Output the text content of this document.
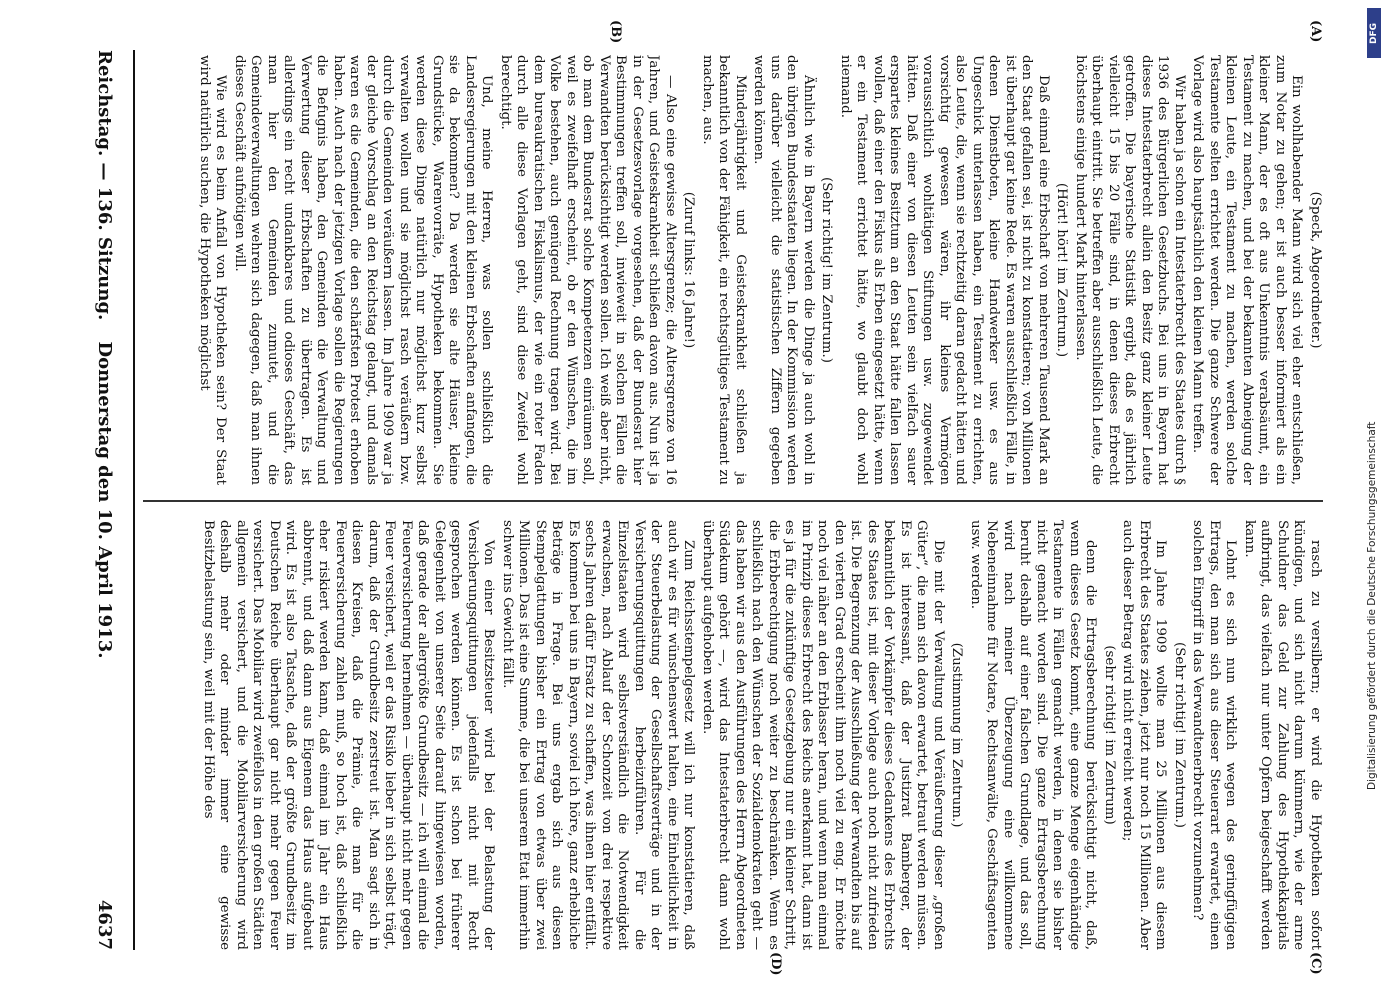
Reichstag. — 136. Sitzung.
Donnerstag den 10. April 1913.
4637
(A)
(B)
(C)
(D)

(Speck, Abgeordneter.)

Ein wohlhabender Mann wird sich viel eher entschließen, zum Notar zu gehen; er ist auch besser informiert als ein kleiner Mann, der es oft aus Unkenntnis verabsäumt, ein Testament zu machen, und bei der bekannten Abneigung der kleinen Leute, ein Testament zu machen, werden solche Testamente selten errichtet werden. Die ganze Schwere der Vorlage wird also hauptsächlich den kleinen Mann treffen.

Wir haben ja schon ein Intestaterbrecht des Staates durch § 1936 des Bürgerlichen Gesetzbuchs. Bei uns in Bayern hat dieses Intestaterbrecht allein den Besitz ganz kleiner Leute getroffen. Die bayerische Statistik ergibt, daß es jährlich vielleicht 15 bis 20 Fälle sind, in denen dieses Erbrecht überhaupt eintritt. Sie betreffen aber ausschließlich Leute, die höchstens einige hundert Mark hinterlassen.

(Hört! hört! im Zentrum.)

Daß einmal eine Erbschaft von mehreren Tausend Mark an den Staat gefallen sei, ist nicht zu konstatieren; von Millionen ist überhaupt gar keine Rede. Es waren ausschließlich Fälle, in denen Dienstboten, kleine Handwerker usw. es aus Ungeschick unterlassen haben, ein Testament zu errichten, also Leute, die, wenn sie rechtzeitig daran gedacht hätten und vorsichtig gewesen wären, ihr kleines Vermögen voraussichtlich wohltätigen Stiftungen usw. zugewendet hätten. Daß einer von diesen Leuten sein vielfach sauer erspartes kleines Besitztum an den Staat hätte fallen lassen wollen, daß einer den Fiskus als Erben eingesetzt hätte, wenn er ein Testament errichtet hätte, wo glaubt doch wohl niemand.

(Sehr richtig! im Zentrum.)

Ähnlich wie in Bayern werden die Dinge ja auch wohl in den übrigen Bundesstaaten liegen. In der Kommission werden uns darüber vielleicht die statistischen Ziffern gegeben werden können.

Minderjährigkeit und Geisteskrankheit schließen ja bekanntlich von der Fähigkeit, ein rechtsgültiges Testament zu machen, aus.

(Zuruf links: 16 Jahre!)

— Also eine gewisse Altersgrenze; die Altersgrenze von 16 Jahren, und Geisteskrankheit schließen davon aus. Nun ist ja in der Gesetzesvorlage vorgesehen, daß der Bundesrat hier Bestimmungen treffen soll, inwieweit in solchen Fällen die Verwandten berücksichtigt werden sollen. Ich weiß aber nicht, ob man dem Bundesrat solche Kompetenzen einräumen soll, weil es zweifelhaft erscheint, ob er den Wünschen, die im Volke bestehen, auch genügend Rechnung tragen wird. Bei dem bureaukratischen Fiskalismus, der wie ein roter Faden durch alle diese Vorlagen geht, sind diese Zweifel wohl berechtigt.

Und, meine Herren, was sollen schließlich die Landesregierungen mit den kleinen Erbschaften anfangen, die sie da bekommen? Da werden sie alte Häuser, kleine Grundstücke, Warenvorräte, Hypotheken bekommen. Sie werden diese Dinge natürlich nur möglichst kurz selbst verwalten wollen und sie möglichst rasch veräußern bzw. durch die Gemeinden veräußern lassen. Im Jahre 1909 war ja der gleiche Vorschlag an den Reichstag gelangt, und damals waren es die Gemeinden, die den schärfsten Protest erhoben haben. Auch nach der jetzigen Vorlage sollen die Regierungen die Befugnis haben, den Gemeinden die Verwaltung und Verwertung dieser Erbschaften zu übertragen. Es ist allerdings ein recht undankbares und odioses Geschäft, das man hier den Gemeinden zumutet, und die Gemeindeverwaltungen wehren sich dagegen, daß man ihnen dieses Geschäft aufnötigen will.

Wie wird es beim Anfall von Hypotheken sein? Der Staat wird natürlich suchen, die Hypotheken möglichst

rasch zu versilbern; er wird die Hypotheken sofort kündigen, und sich nicht darum kümmern, wie der arme Schuldner das Geld zur Zahlung des Hypothekkapitals aufbringt, das vielfach nur unter Opfern beigeschafft werden kann.

Lohnt es sich nun wirklich wegen des geringfügigen Ertrags, den man sich aus dieser Steuerart erwartet, einen solchen Eingriff in das Verwandtenerbrecht vorzunehmen?

(Sehr richtig! im Zentrum.)

Im Jahre 1909 wollte man 25 Millionen aus diesem Erbrecht des Staates ziehen, jetzt nur noch 15 Millionen. Aber auch dieser Betrag wird nicht erreicht werden;

(sehr richtig! im Zentrum)

denn die Ertragsberechnung berücksichtigt nicht, daß, wenn dieses Gesetz kommt, eine ganze Menge eigenhändige Testamente in Fällen gemacht werden, in denen sie bisher nicht gemacht worden sind. Die ganze Ertragsberechnung beruht deshalb auf einer falschen Grundlage, und das soll, wird nach meiner Überzeugung eine willkommene Nebeneinnahme für Notare, Rechtsanwälte, Geschäftsagenten usw. werden.

(Zustimmung im Zentrum.)

Die mit der Verwaltung und Veräußerung dieser „großen Güter“, die man sich davon erwartet, betraut werden müssen. Es ist interessant, daß der Justizrat Bamberger, der bekanntlich der Vorkämpfer dieses Gedankens des Erbrechts des Staates ist, mit dieser Vorlage auch noch nicht zufrieden ist. Die Begrenzung der Ausschließung der Verwandten bis auf den vierten Grad erscheint ihm noch viel zu eng. Er möchte noch viel näher an den Erblasser heran, und wenn man einmal im Prinzip dieses Erbrecht des Reichs anerkannt hat, dann ist es ja für die zukünftige Gesetzgebung nur ein kleiner Schritt, die Erbberechtigung noch weiter zu beschränken. Wenn es schließlich nach den Wünschen der Sozialdemokraten geht — das haben wir aus den Ausführungen des Herrn Abgeordneten Südekum gehört —, wird das Intestaterbrecht dann wohl überhaupt aufgehoben werden.

Zum Reichsstempelgesetz will ich nur konstatieren, daß auch wir es für wünschenswert halten, eine Einheitlichkeit in der Steuerbelastung der Gesellschaftsverträge und in der Versicherungsquittungen herbeizuführen. Für die Einzelstaaten wird selbstverständlich die Notwendigkeit erwachsen, nach Ablauf der Schonzeit von drei respektive sechs Jahren dafür Ersatz zu schaffen, was ihnen hier entfällt. Es kommen bei uns in Bayern, soviel ich höre, ganz erhebliche Beträge in Frage. Bei uns ergab sich aus diesen Stempelgattungen bisher ein Ertrag von etwas über zwei Millionen. Das ist eine Summe, die bei unserem Etat immerhin schwer ins Gewicht fällt.

Von einer Besitzsteuer wird bei der Belastung der Versicherungsquittungen jedenfalls nicht mit Recht gesprochen werden können. Es ist schon bei früherer Gelegenheit von unserer Seite darauf hingewiesen worden, daß gerade der allergrößte Grundbesitz — ich will einmal die Feuerversicherung hernehmen — überhaupt nicht mehr gegen Feuer versichert, weil er das Risiko lieber in sich selbst trägt, darum, daß der Grundbesitz zerstreut ist. Man sagt sich in diesen Kreisen, daß die Prämie, die man für die Feuerversicherung zahlen muß, so hoch ist, daß schließlich eher riskiert werden kann, daß einmal im Jahr ein Haus abbrennt, und daß dann aus Eigenem das Haus aufgebaut wird. Es ist also Tatsache, daß der größte Grundbesitz im Deutschen Reiche überhaupt gar nicht mehr gegen Feuer versichert. Das Mobiliar wird zweifellos in den großen Städten allgemein versichert, und die Mobiliarversicherung wird deshalb mehr oder minder immer eine gewisse Besitzbelastung sein, weil mit der Höhe des

DFG
Digitalisierung gefördert durch die Deutsche Forschungsgemeinschaft
